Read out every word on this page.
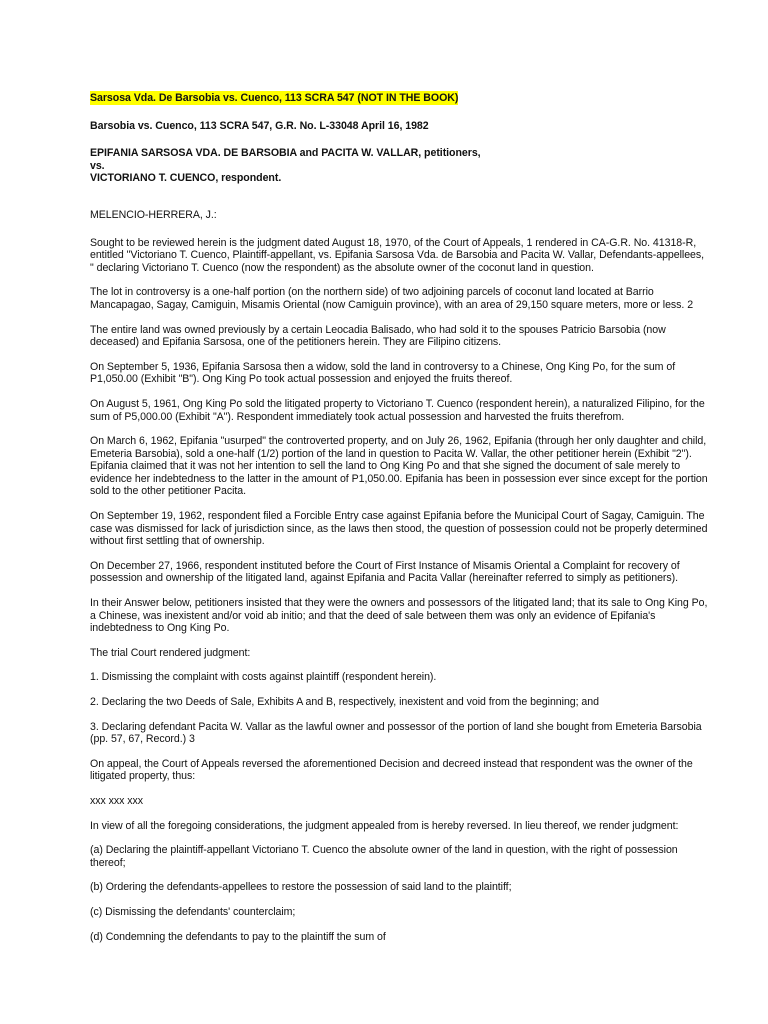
Sarsosa Vda. De Barsobia vs. Cuenco, 113 SCRA 547 (NOT IN THE BOOK)

Barsobia vs. Cuenco, 113 SCRA 547, G.R. No. L-33048 April 16, 1982

EPIFANIA SARSOSA VDA. DE BARSOBIA and PACITA W. VALLAR, petitioners,

vs.

VICTORIANO T. CUENCO, respondent.

MELENCIO-HERRERA, J.:

Sought to be reviewed herein is the judgment dated August 18, 1970, of the Court of Appeals, 1 rendered in CA-G.R. No. 41318-R, entitled "Victoriano T. Cuenco, Plaintiff-appellant, vs. Epifania Sarsosa Vda. de Barsobia and Pacita W. Vallar, Defendants-appellees, " declaring Victoriano T. Cuenco (now the respondent) as the absolute owner of the coconut land in question.

The lot in controversy is a one-half portion (on the northern side) of two adjoining parcels of coconut land located at Barrio Mancapagao, Sagay, Camiguin, Misamis Oriental (now Camiguin province), with an area of 29,150 square meters, more or less. 2

The entire land was owned previously by a certain Leocadia Balisado, who had sold it to the spouses Patricio Barsobia (now deceased) and Epifania Sarsosa, one of the petitioners herein. They are Filipino citizens.

On September 5, 1936, Epifania Sarsosa then a widow, sold the land in controversy to a Chinese, Ong King Po, for the sum of P1,050.00 (Exhibit "B"). Ong King Po took actual possession and enjoyed the fruits thereof.

On August 5, 1961, Ong King Po sold the litigated property to Victoriano T. Cuenco (respondent herein), a naturalized Filipino, for the sum of P5,000.00 (Exhibit "A"). Respondent immediately took actual possession and harvested the fruits therefrom.

On March 6, 1962, Epifania "usurped" the controverted property, and on July 26, 1962, Epifania (through her only daughter and child, Emeteria Barsobia), sold a one-half (1/2) portion of the land in question to Pacita W. Vallar, the other petitioner herein (Exhibit "2"). Epifania claimed that it was not her intention to sell the land to Ong King Po and that she signed the document of sale merely to evidence her indebtedness to the latter in the amount of P1,050.00. Epifania has been in possession ever since except for the portion sold to the other petitioner Pacita.

On September 19, 1962, respondent filed a Forcible Entry case against Epifania before the Municipal Court of Sagay, Camiguin. The case was dismissed for lack of jurisdiction since, as the laws then stood, the question of possession could not be properly determined without first settling that of ownership.

On December 27, 1966, respondent instituted before the Court of First Instance of Misamis Oriental a Complaint for recovery of possession and ownership of the litigated land, against Epifania and Pacita Vallar (hereinafter referred to simply as petitioners).

In their Answer below, petitioners insisted that they were the owners and possessors of the litigated land; that its sale to Ong King Po, a Chinese, was inexistent and/or void ab initio; and that the deed of sale between them was only an evidence of Epifania's indebtedness to Ong King Po.

The trial Court rendered judgment:

1. Dismissing the complaint with costs against plaintiff (respondent herein).

2. Declaring the two Deeds of Sale, Exhibits A and B, respectively, inexistent and void from the beginning; and

3. Declaring defendant Pacita W. Vallar as the lawful owner and possessor of the portion of land she bought from Emeteria Barsobia (pp. 57, 67, Record.) 3

On appeal, the Court of Appeals reversed the aforementioned Decision and decreed instead that respondent was the owner of the litigated property, thus:

xxx xxx xxx

In view of all the foregoing considerations, the judgment appealed from is hereby reversed. In lieu thereof, we render judgment:

(a) Declaring the plaintiff-appellant Victoriano T. Cuenco the absolute owner of the land in question, with the right of possession thereof;

(b) Ordering the defendants-appellees to restore the possession of said land to the plaintiff;

(c) Dismissing the defendants' counterclaim;

(d) Condemning the defendants to pay to the plaintiff the sum of
